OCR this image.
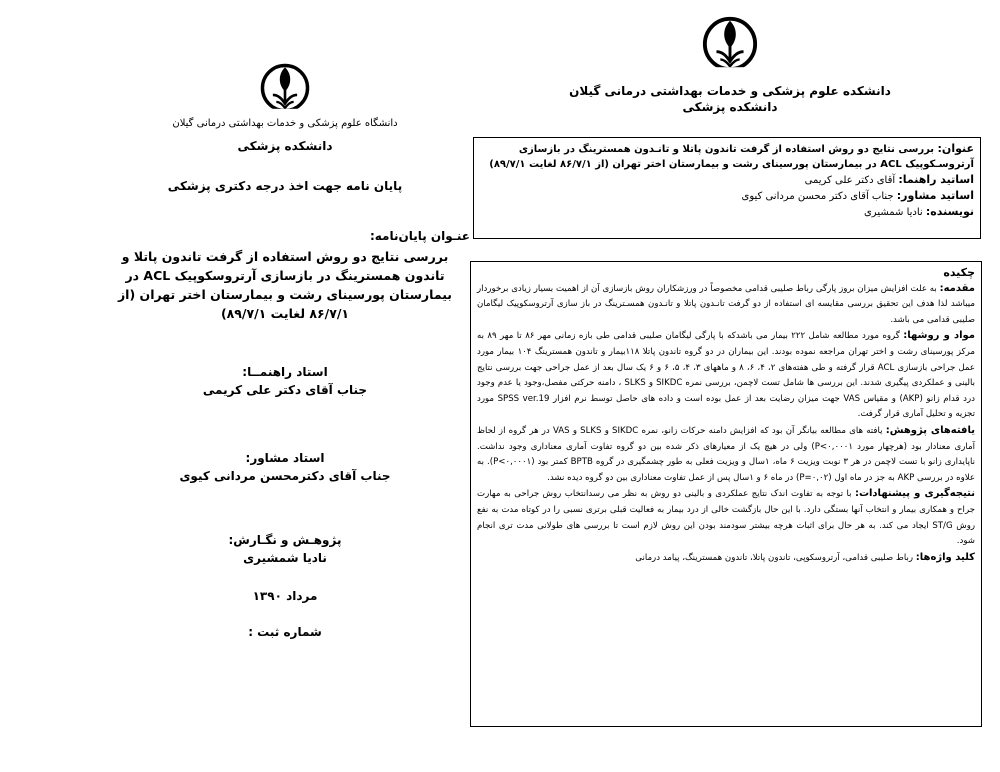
دانشگاه علوم پزشکی و خدمات بهداشتی درمانی گیلان
دانشکده پزشکی
پایان نامه جهت اخذ درجه دکتری پزشکی
عنـوان پایان‌نامه:
بررسی نتایج دو روش استفاده از گرفت تاندون پاتلا و تاندون همسترینگ در بازسازی آرتروسکوپیک ACL در بیمارستان پورسینای رشت و بیمارستان اختر تهران (از ۸۶/۷/۱ لغایت ۸۹/۷/۱)
استاد راهنمــا:
جناب آقای دکتر علی کریمی
استاد مشاور:
جناب آقای دکترمحسن مردانی کیوی
پژوهـش و نگـارش:
نادیا شمشیری
مرداد ۱۳۹۰
شماره ثبت :
دانشکده علوم پزشکی و خدمات بهداشتی درمانی گیلان
دانشکده پزشکی
عنوان: بررسی نتایج دو روش استفاده از گرفت تاندون پاتلا و تانـدون همسترینگ در بازسازی آرتروسـکوپیک ACL در بیمارستان پورسینای رشت و بیمارستان اختر تهران (از ۸۶/۷/۱ لغایت ۸۹/۷/۱)
اساتید راهنما: آقای دکتر علی کریمی
اساتید مشاور: جناب آقای دکتر محسن مردانی کیوی
نویسنده: نادیا شمشیری
چکیده

مقدمه: به علت افزایش میزان بروز پارگی رباط صلیبی قدامی مخصوصاً در ورزشکاران روش بازسازی آن از اهمیت بسیار زیادی برخوردار میباشد لذا هدف این تحقیق بررسی مقایسه ای استفاده از دو گرفت تانـدون پاتلا و تانـدون همسـترینگ در باز سازی آرتروسکوپیک لیگامان صلیبی قدامی می باشد.

مواد و روشها: گروه مورد مطالعه شامل ۲۲۲ بیمار می باشدکه با پارگی لیگامان صلیبی قدامی طی بازه زمانی مهر ۸۶ تا مهر ۸۹ به مرکز پورسینای رشت و اختر تهران مراجعه نموده بودند. این بیماران در دو گروه تاندون پاتلا ۱۱۸بیمار و تاندون همسترینگ ۱۰۴ بیمار مورد عمل جراحی بازسازی ACL قرار گرفته و طی هفته‌های ۲، ۴، ۶، ۸ و ماههای ۳، ۴، ۵، ۶ و ۶ یک سال بعد از عمل جراحی جهت بررسی نتایج بالینی و عملکردی پیگیری شدند. این بررسی ها شامل تست لاچمن، بررسی نمره SIKDC و SLKS ، دامنه حرکتی مفصل،وجود یا عدم وجود درد قدام زانو (AKP) و مقیاس VAS جهت میزان رضایت بعد از عمل بوده است و داده های حاصل توسط نرم افزار SPSS ver.19 مورد تجزیه و تحلیل آماری قرار گرفت.

یافته‌های پژوهش: یافته های مطالعه بیانگر آن بود که افزایش دامنه حرکات زانو، نمره SIKDC و SLKS و VAS در هر گروه از لحاظ آماری معنادار بود (هرچهار مورد P<۰,۰۰۰۱) ولی در هیچ یک از معیارهای ذکر شده بین دو گروه تفاوت آماری معناداری وجود نداشت. ناپایداری زانو با تست لاچمن در هر ۳ نوبت ویزیت ۶ ماه، ۱سال و ویزیت فعلی به طور چشمگیری در گروه BPTB کمتر بود (P<۰,۰۰۰۱). به علاوه در بررسی AKP به جز در ماه اول (P=۰,۰۲) در ماه ۶ و ۱سال پس از عمل تفاوت معناداری بین دو گروه دیده نشد.

نتیجه‌گیری و پیشنهادات: با توجه به تفاوت اندک نتایج عملکردی و بالینی دو روش به نظر می رسدانتخاب روش جراحی به مهارت جراح و همکاری بیمار و انتخاب آنها بستگی دارد. با این حال بازگشت خالی از درد بیمار به فعالیت قبلی برتری نسبی را در کوتاه مدت به نفع روش ST/G ایجاد می کند. به هر حال برای اثبات هرچه بیشتر سودمند بودن این روش لازم است تا بررسی های طولانی مدت تری انجام شود.

کلید واژه‌ها: رباط صلیبی قدامی، آرتروسکوپی، تاندون پاتلا، تاندون همسترینگ، پیامد درمانی
